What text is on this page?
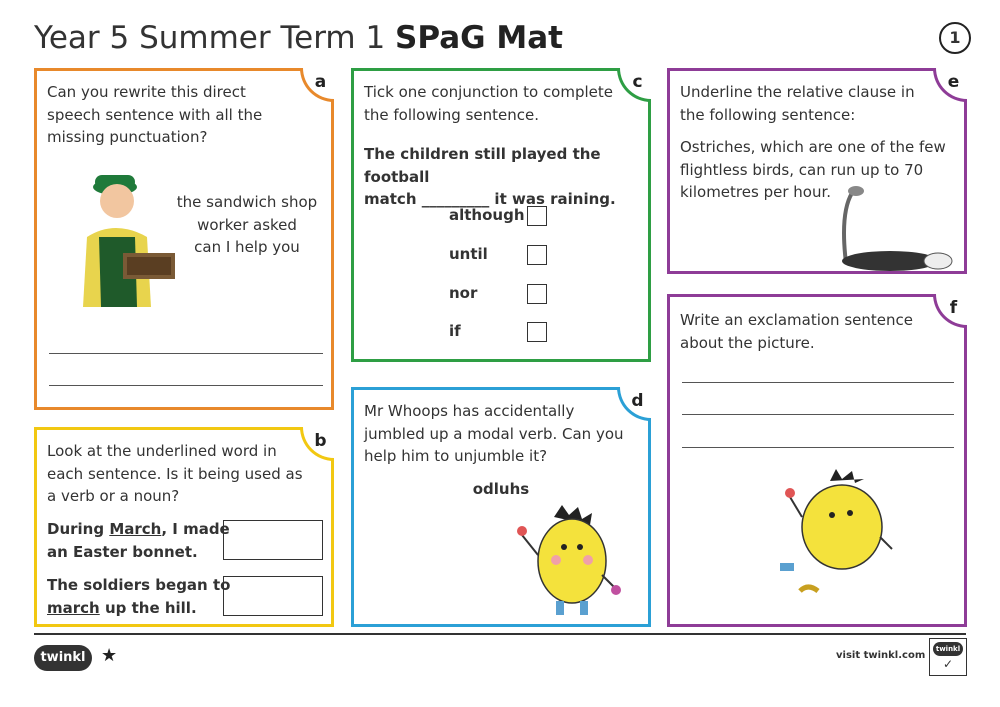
Year 5 Summer Term 1 SPaG Mat	1
a
Can you rewrite this direct
speech sentence with all the
missing punctuation?
the sandwich shop
worker asked
can I help you
b
Look at the underlined word in
each sentence. Is it being used as
a verb or a noun?
During March, I made
an Easter bonnet.
The soldiers began to
march up the hill.
c
Tick one conjunction to complete
the following sentence.
The children still played the football
match _________ it was raining.
although
until
nor
if
d
Mr Whoops has accidentally
jumbled up a modal verb. Can you
help him to unjumble it?
odluhs
e
Underline the relative clause in
the following sentence:
Ostriches, which are one of the few
flightless birds, can run up to 70
kilometres per hour.
f
Write an exclamation sentence
about the picture.
twinkl ★	visit twinkl.com
twinkl
✓
